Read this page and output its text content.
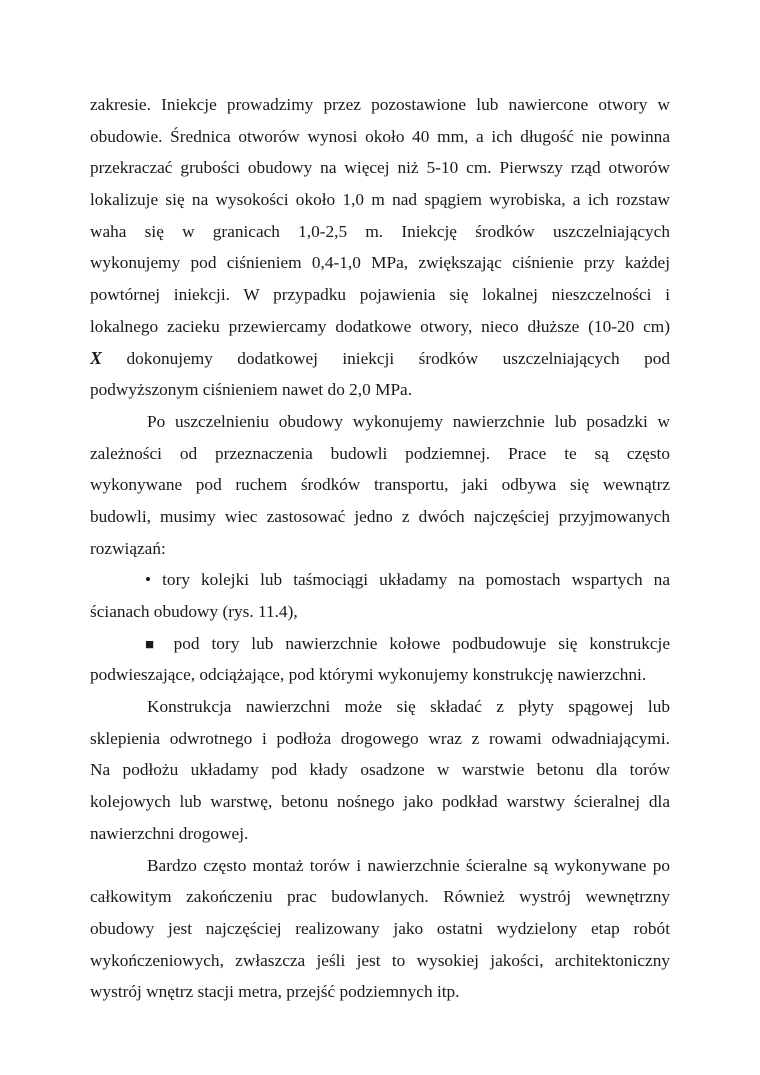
zakresie. Iniekcje prowadzimy przez pozostawione lub nawiercone otwory w
obudowie. Średnica otworów wynosi około 40 mm, a ich długość nie powinna
przekraczać grubości obudowy na więcej niż 5-10 cm. Pierwszy rząd otworów
lokalizuje się na wysokości około 1,0 m nad spągiem wyrobiska, a ich rozstaw
waha się w granicach 1,0-2,5 m. Iniekcję środków uszczelniających
wykonujemy pod ciśnieniem 0,4-1,0 MPa, zwiększając ciśnienie przy każdej
powtórnej iniekcji. W przypadku pojawienia się lokalnej nieszczelności i
lokalnego zacieku przewiercamy dodatkowe otwory, nieco dłuższe (10-20 cm)
X dokonujemy dodatkowej iniekcji środków uszczelniających pod
podwyższonym ciśnieniem nawet do 2,0 MPa.
Po uszczelnieniu obudowy wykonujemy nawierzchnie lub posadzki w
zależności od przeznaczenia budowli podziemnej. Prace te są często
wykonywane pod ruchem środków transportu, jaki odbywa się wewnątrz
budowli, musimy wiec zastosować jedno z dwóch najczęściej przyjmowanych
rozwiązań:
• tory kolejki lub taśmociągi układamy na pomostach wspartych na
ścianach obudowy (rys. 11.4),
■ pod tory lub nawierzchnie kołowe podbudowuje się konstrukcje
podwieszające, odciążające, pod którymi wykonujemy konstrukcję nawierzchni.
Konstrukcja nawierzchni może się składać z płyty spągowej lub
sklepienia odwrotnego i podłoża drogowego wraz z rowami odwadniającymi.
Na podłożu układamy pod kłady osadzone w warstwie betonu dla torów
kolejowych lub warstwę, betonu nośnego jako podkład warstwy ścieralnej dla
nawierzchni drogowej.
Bardzo często montaż torów i nawierzchnie ścieralne są wykonywane po
całkowitym zakończeniu prac budowlanych. Również wystrój wewnętrzny
obudowy jest najczęściej realizowany jako ostatni wydzielony etap robót
wykończeniowych, zwłaszcza jeśli jest to wysokiej jakości, architektoniczny
wystrój wnętrz stacji metra, przejść podziemnych itp.
